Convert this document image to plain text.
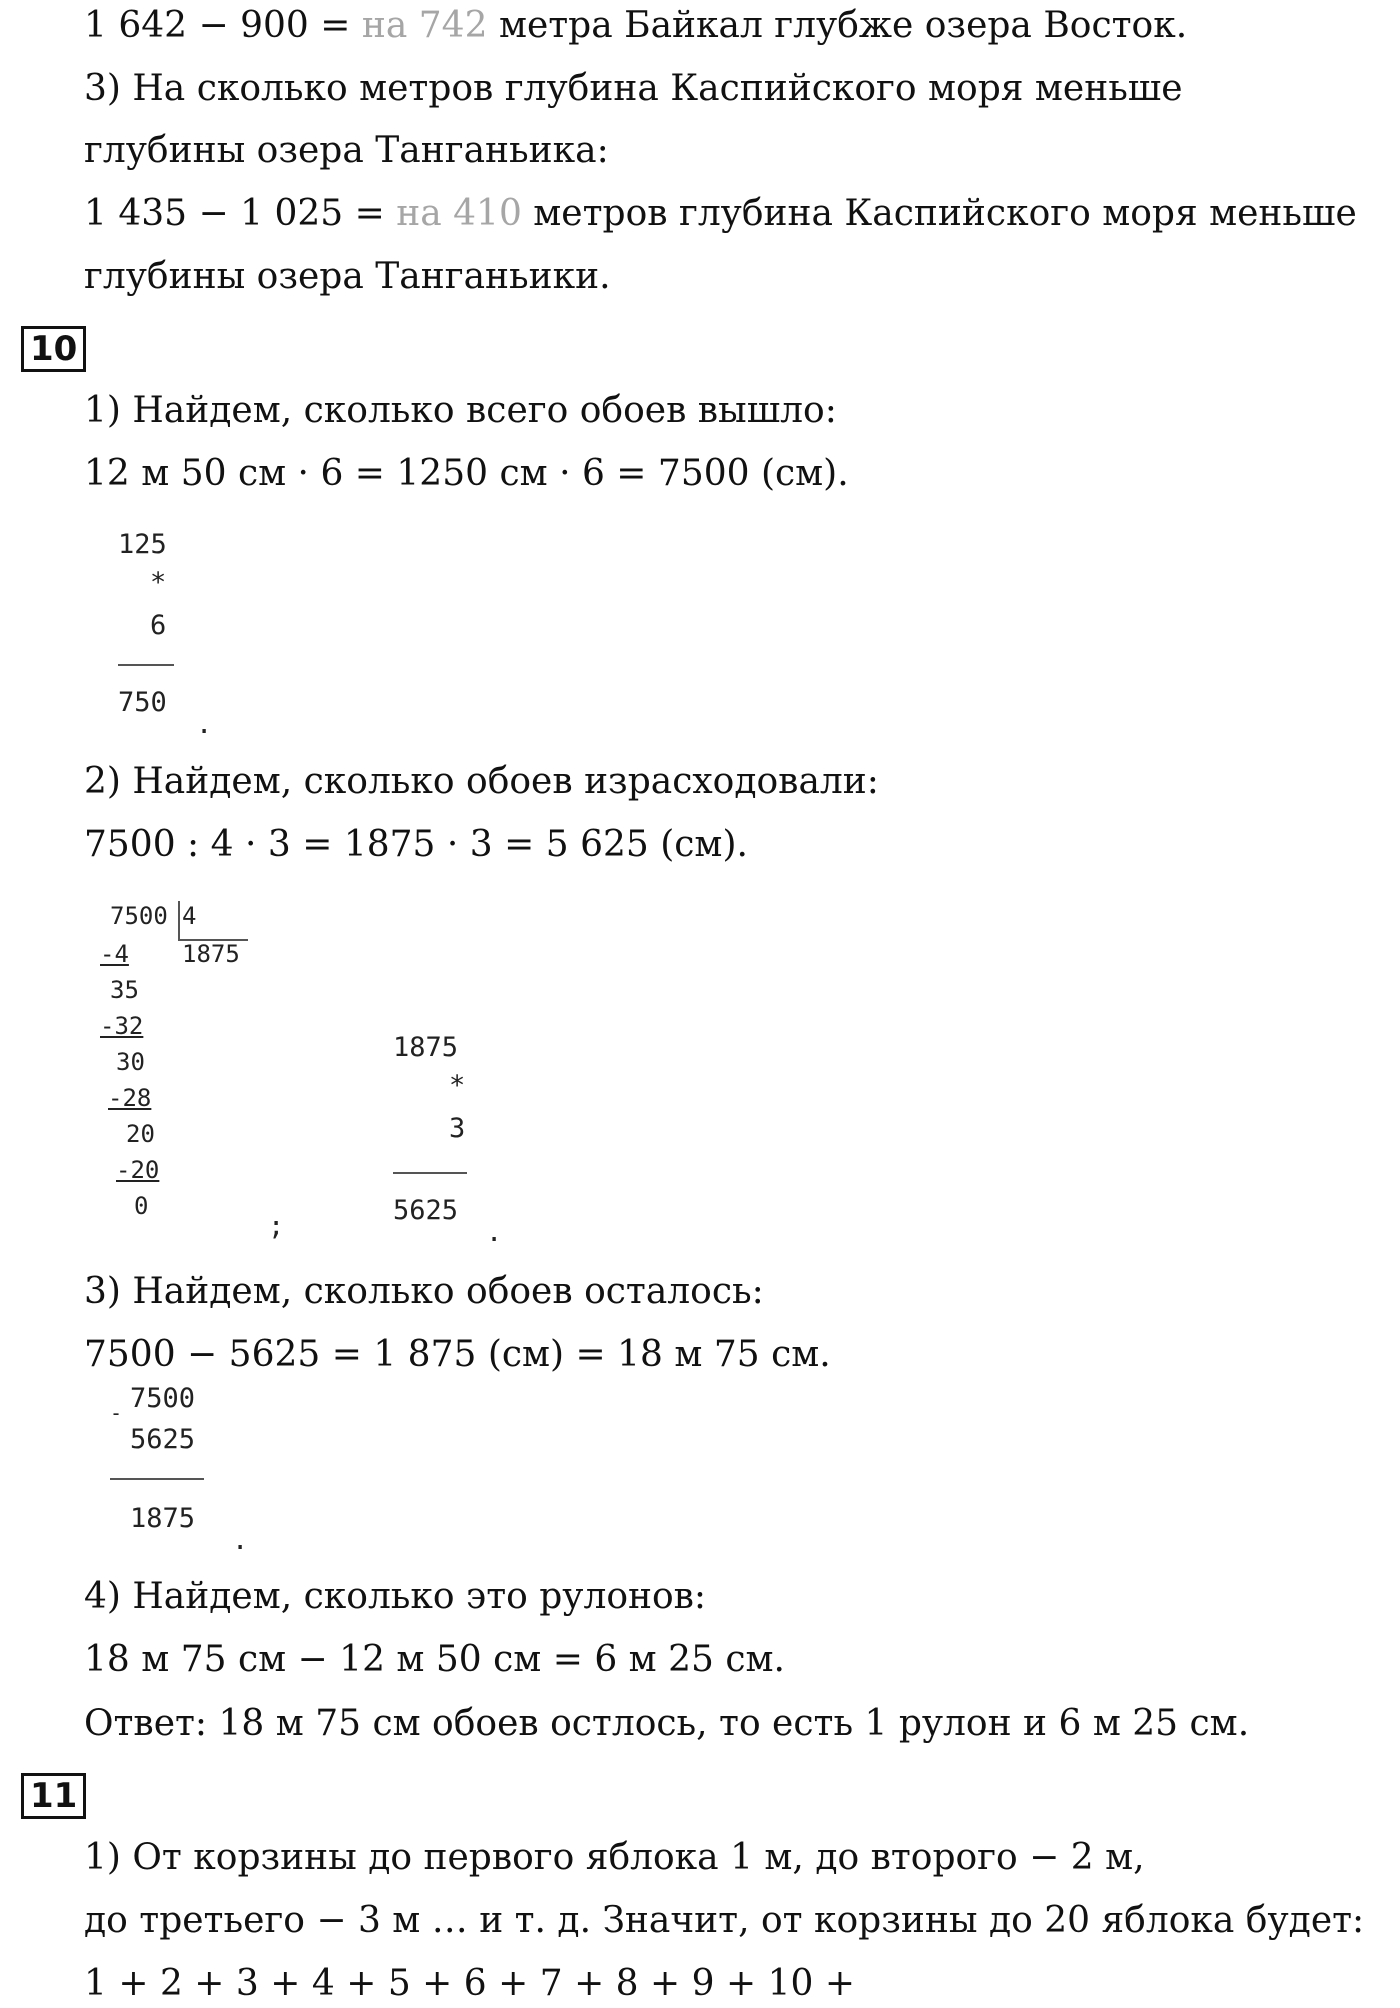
1 642 − 900 = на 742 метра Байкал глубже озера Восток.
3) На сколько метров глубина Каспийского моря меньше
глубины озера Танганьика:
1 435 − 1 025 = на 410 метров глубина Каспийского моря меньше
глубины озера Танганьики.
10
1) Найдем, сколько всего обоев вышло:
12 м 50 см · 6 = 1250 см · 6 = 7500 (см).
125
*
6
750
.
2) Найдем, сколько обоев израсходовали:
7500 : 4 · 3 = 1875 · 3 = 5 625 (см).
7500 4
1875
-4
35
-32
30
-28
20
-20
0
;
1875
*
3
5625
.
3) Найдем, сколько обоев осталось:
7500 − 5625 = 1 875 (см) = 18 м 75 см.
- 7500
5625
1875
.
4) Найдем, сколько это рулонов:
18 м 75 см − 12 м 50 см = 6 м 25 см.
Ответ: 18 м 75 см обоев остлось, то есть 1 рулон и 6 м 25 см.
11
1) От корзины до первого яблока 1 м, до второго − 2 м,
до третьего − 3 м … и т. д. Значит, от корзины до 20 яблока будет:
1 + 2 + 3 + 4 + 5 + 6 + 7 + 8 + 9 + 10 +
